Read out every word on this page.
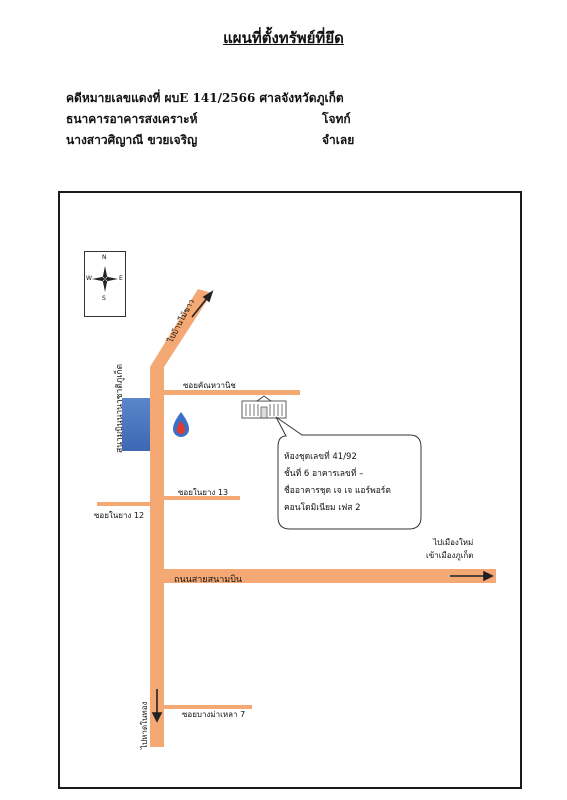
แผนที่ตั้งทรัพย์ที่ยึด
คดีหมายเลขแดงที่ ผบE 141/2566 ศาลจังหวัดภูเก็ต
ธนาคารอาคารสงเคราะห์	โจทก์
นางสาวศิญาณี ขวยเจริญ	จำเลย
N
S
W	E
สนามบินนานาชาติภูเก็ต
ห้องชุดเลขที่ 41/92
ชั้นที่ 6 อาคารเลขที่ –
ชื่ออาคารชุด เจ เจ แอร์พอร์ต
คอนโดมิเนียม เฟส 2
ไปบ้านไม้ขาว
ซอยคัณหวานิช
ซอยในยาง 13
ซอยในยาง 12
ถนนสายสนามบิน
ไปเมืองใหม่
เข้าเมืองภูเก็ต
ไปหาดในทอง	ซอยบางม่าเหลา 7
